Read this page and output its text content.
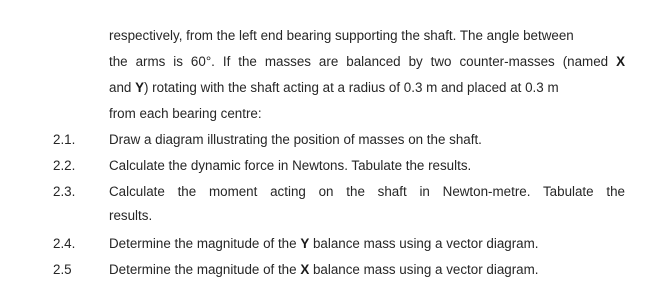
respectively, from the left end bearing supporting the shaft. The angle between
the arms is 60°. If the masses are balanced by two counter-masses (named X
and Y) rotating with the shaft acting at a radius of 0.3 m and placed at 0.3 m
from each bearing centre:
2.1.	Draw a diagram illustrating the position of masses on the shaft.
2.2.	Calculate the dynamic force in Newtons. Tabulate the results.
2.3.	Calculate the moment acting on the shaft in Newton-metre. Tabulate the
results.
2.4.	Determine the magnitude of the Y balance mass using a vector diagram.
2.5	Determine the magnitude of the X balance mass using a vector diagram.
